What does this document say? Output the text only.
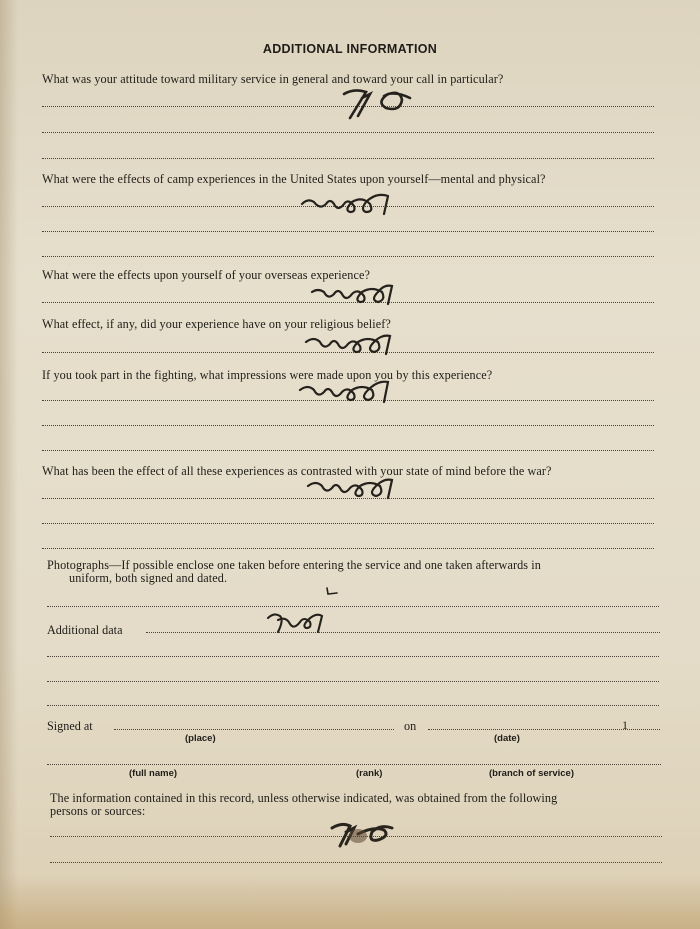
ADDITIONAL INFORMATION
What was your attitude toward military service in general and toward your call in particular?
What were the effects of camp experiences in the United States upon yourself—mental and physical?
What were the effects upon yourself of your overseas experience?
What effect, if any, did your experience have on your religious belief?
If you took part in the fighting, what impressions were made upon you by this experience?
What has been the effect of all these experiences as contrasted with your state of mind before the war?
Photographs—If possible enclose one taken before entering the service and one taken afterwards in
uniform, both signed and dated.
Additional data
Signed at	on	1
(place)	(date)
(full name)	(rank)	(branch of service)
The information contained in this record, unless otherwise indicated, was obtained from the following
persons or sources:
